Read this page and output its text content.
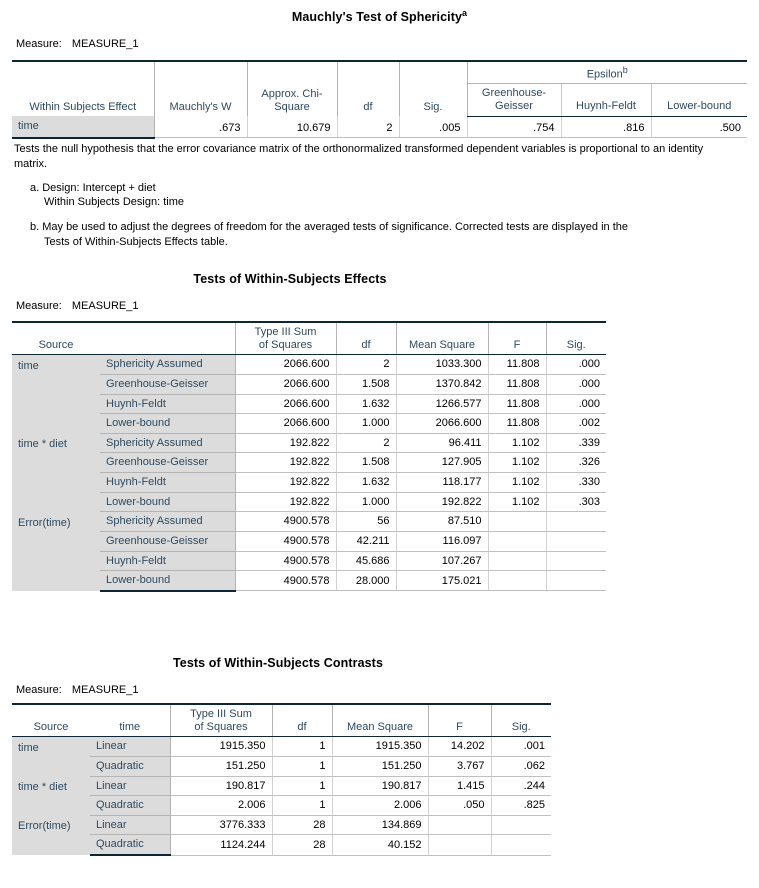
Mauchly's Test of Sphericity$^a$
Measure: MEASURE_1
Within Subjects Effect	Mauchly's W	Approx. Chi-
Square	df	Sig.	Epsilon$^b$
					Greenhouse-
Geisser	Huynh-Feldt	Lower-bound
time	.673	10.679	2	.005	.754	.816	.500
Tests the null hypothesis that the error covariance matrix of the orthonormalized transformed dependent variables is proportional to an identity matrix.
a. Design: Intercept + diet
Within Subjects Design: time
b. May be used to adjust the degrees of freedom for the averaged tests of significance. Corrected tests are displayed in the
Tests of Within-Subjects Effects table.
Tests of Within-Subjects Effects
Measure: MEASURE_1
Source		Type III Sum
of Squares	df	Mean Square	F	Sig.
time	Sphericity Assumed	2066.600	2	1033.300	11.808	.000
	Greenhouse-Geisser	2066.600	1.508	1370.842	11.808	.000
	Huynh-Feldt	2066.600	1.632	1266.577	11.808	.000
	Lower-bound	2066.600	1.000	2066.600	11.808	.002
time * diet	Sphericity Assumed	192.822	2	96.411	1.102	.339
	Greenhouse-Geisser	192.822	1.508	127.905	1.102	.326
	Huynh-Feldt	192.822	1.632	118.177	1.102	.330
	Lower-bound	192.822	1.000	192.822	1.102	.303
Error(time)	Sphericity Assumed	4900.578	56	87.510		
	Greenhouse-Geisser	4900.578	42.211	116.097		
	Huynh-Feldt	4900.578	45.686	107.267		
	Lower-bound	4900.578	28.000	175.021		
Tests of Within-Subjects Contrasts
Measure: MEASURE_1
Source	time	Type III Sum
of Squares	df	Mean Square	F	Sig.
time	Linear	1915.350	1	1915.350	14.202	.001
	Quadratic	151.250	1	151.250	3.767	.062
time * diet	Linear	190.817	1	190.817	1.415	.244
	Quadratic	2.006	1	2.006	.050	.825
Error(time)	Linear	3776.333	28	134.869		
	Quadratic	1124.244	28	40.152		
